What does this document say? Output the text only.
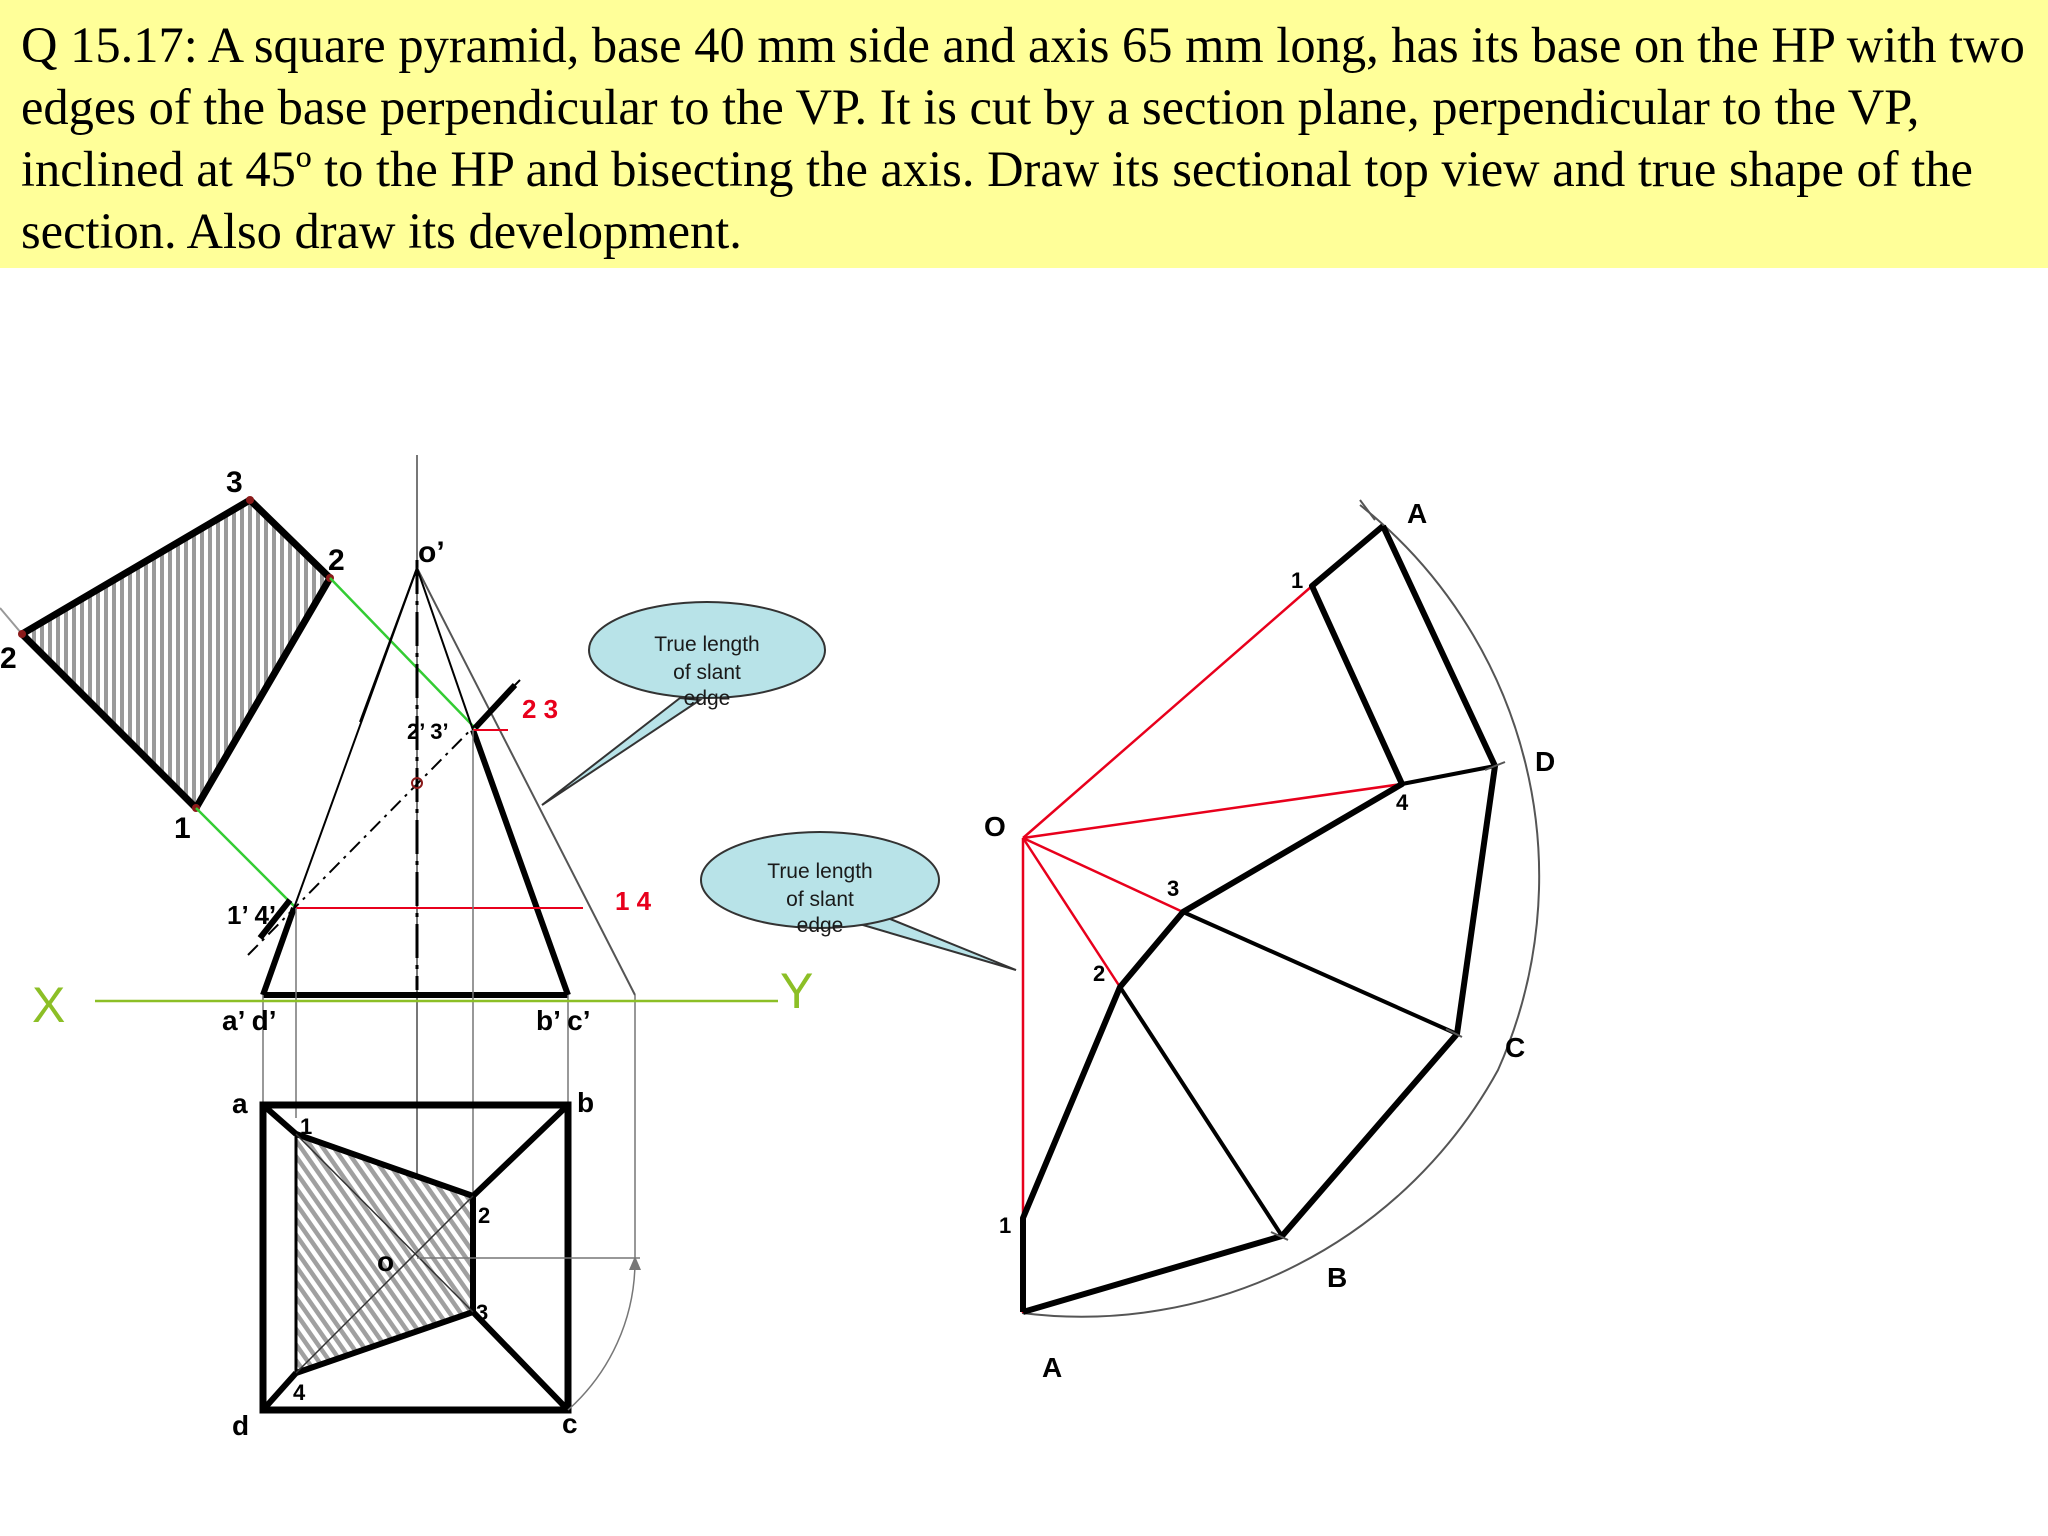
Q 15.17: A square pyramid, base 40 mm side and axis 65 mm long, has its base on the HP with two edges of the base perpendicular to the VP. It is cut by a section plane, perpendicular to the VP, inclined at 45º to the HP and bisecting the axis. Draw its sectional top view and true shape of the section. Also draw its development.

3
2
2
1
o’
2’ 3’
2 3
1’ 4’	1 4
a’ d’	b’ c’
X	Y
a	b
c
d
o
1
2
3
4
True length
of slant
edge
True length
of slant
edge
O
A
B
C
D
A
1
2
3
4
1
